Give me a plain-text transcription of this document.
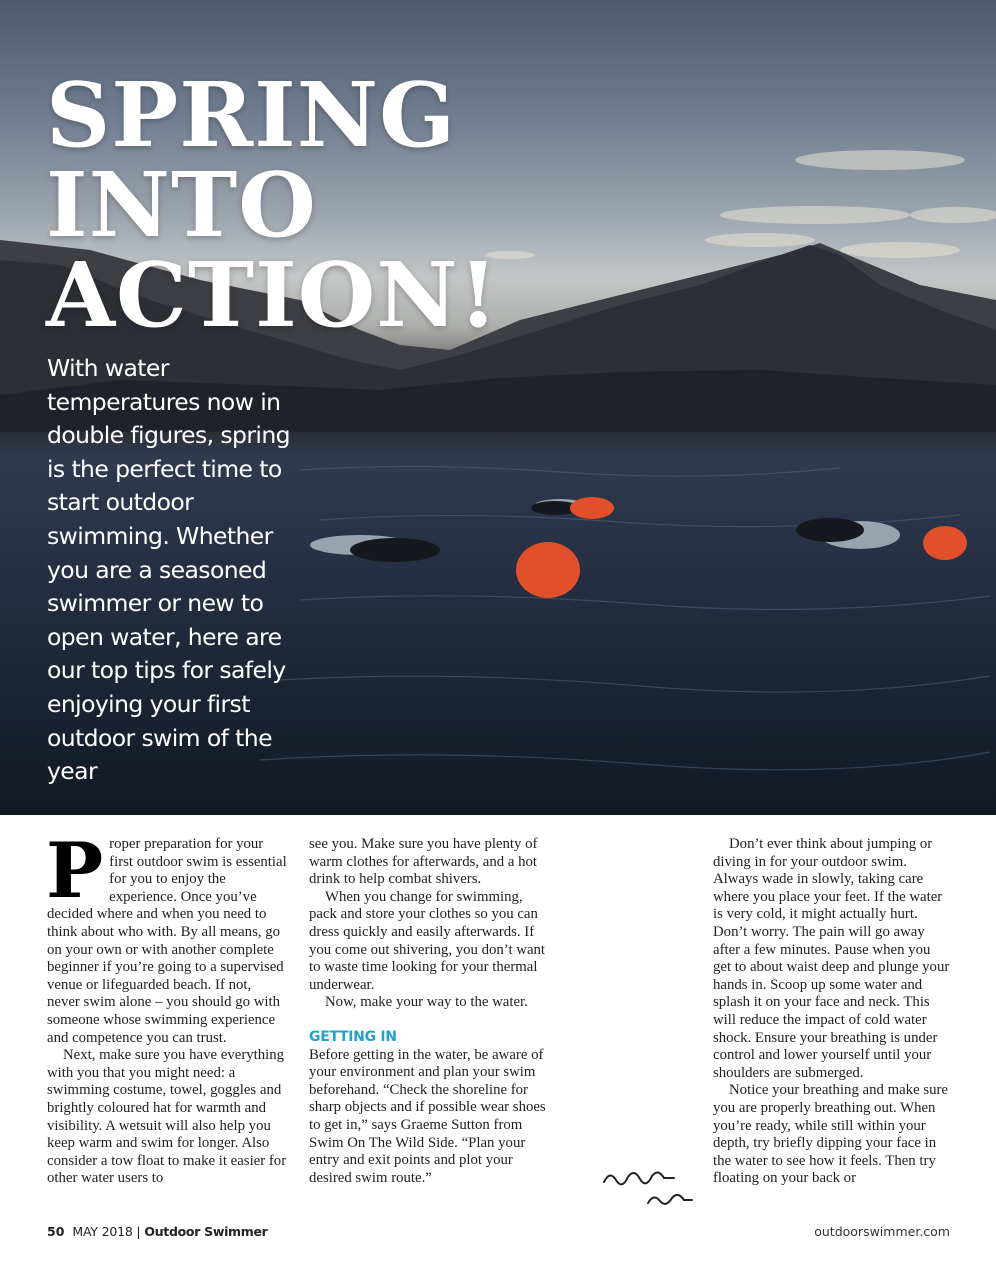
SPRING
INTO
ACTION!

With water temperatures now in double figures, spring is the perfect time to start outdoor swimming. Whether you are a seasoned swimmer or new to open water, here are our top tips for safely enjoying your first outdoor swim of the year

Proper preparation for your first outdoor swim is essential for you to enjoy the experience. Once you’ve decided where and when you need to think about who with. By all means, go on your own or with another complete beginner if you’re going to a supervised venue or lifeguarded beach. If not, never swim alone – you should go with someone whose swimming experience and competence you can trust.

Next, make sure you have everything with you that you might need: a swimming costume, towel, goggles and brightly coloured hat for warmth and visibility. A wetsuit will also help you keep warm and swim for longer. Also consider a tow float to make it easier for other water users to

see you. Make sure you have plenty of warm clothes for afterwards, and a hot drink to help combat shivers.

When you change for swimming, pack and store your clothes so you can dress quickly and easily afterwards. If you come out shivering, you don’t want to waste time looking for your thermal underwear.

Now, make your way to the water.

GETTING IN

Before getting in the water, be aware of your environment and plan your swim beforehand. “Check the shoreline for sharp objects and if possible wear shoes to get in,” says Graeme Sutton from Swim On The Wild Side. “Plan your entry and exit points and plot your desired swim route.”

Don’t ever think about jumping or diving in for your outdoor swim. Always wade in slowly, taking care where you place your feet. If the water is very cold, it might actually hurt. Don’t worry. The pain will go away after a few minutes. Pause when you get to about waist deep and plunge your hands in. Scoop up some water and splash it on your face and neck. This will reduce the impact of cold water shock. Ensure your breathing is under control and lower yourself until your shoulders are submerged.

Notice your breathing and make sure you are properly breathing out. When you’re ready, while still within your depth, try briefly dipping your face in the water to see how it feels. Then try floating on your back or

50 MAY 2018 | Outdoor Swimmer	outdoorswimmer.com
